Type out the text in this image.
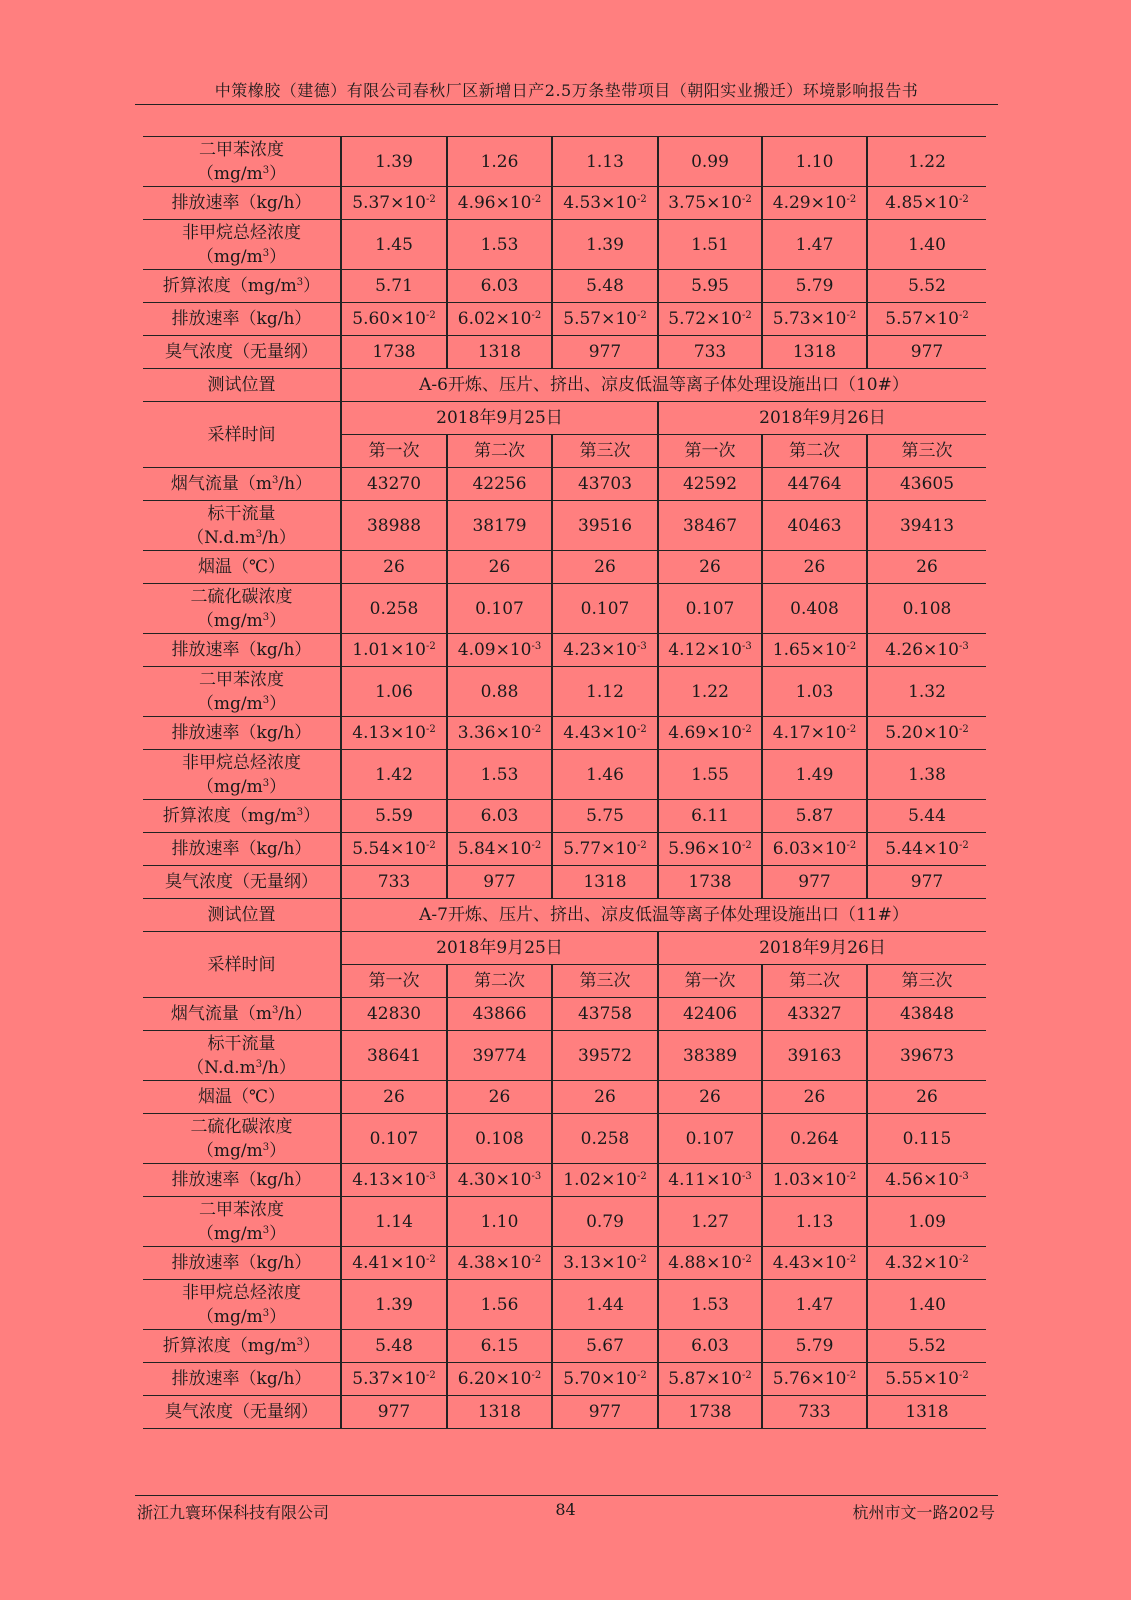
中策橡胶（建德）有限公司春秋厂区新增日产2.5万条垫带项目（朝阳实业搬迁）环境影响报告书
二甲苯浓度
$(mg/m^3)$	1.39	1.26	1.13	0.99	1.10	1.22
排放速率（kg/h）	$5.37\times 10^{-2}$	$4.96\times 10^{-2}$	$4.53\times 10^{-2}$	$3.75\times 10^{-2}$	$4.29\times 10^{-2}$	$4.85\times 10^{-2}$
非甲烷总烃浓度
$(mg/m^3)$	1.45	1.53	1.39	1.51	1.47	1.40
折算浓度$(mg/m^3)$	5.71	6.03	5.48	5.95	5.79	5.52
排放速率（kg/h）	$5.60\times 10^{-2}$	$6.02\times 10^{-2}$	$5.57\times 10^{-2}$	$5.72\times 10^{-2}$	$5.73\times 10^{-2}$	$5.57\times 10^{-2}$
臭气浓度（无量纲）	1738	1318	977	733	1318	977
测试位置	A-6开炼、压片、挤出、凉皮低温等离子体处理设施出口（10#）					
采样时间	2018年9月25日			2018年9月26日		
	第一次	第二次	第三次	第一次	第二次	第三次
烟气流量$(m^3/h)$	43270	42256	43703	42592	44764	43605
标干流量
$(N.d.m^3/h)$	38988	38179	39516	38467	40463	39413
烟温（℃）	26	26	26	26	26	26
二硫化碳浓度
$(mg/m^3)$	0.258	0.107	0.107	0.107	0.408	0.108
排放速率（kg/h）	$1.01\times 10^{-2}$	$4.09\times 10^{-3}$	$4.23\times 10^{-3}$	$4.12\times 10^{-3}$	$1.65\times 10^{-2}$	$4.26\times 10^{-3}$
二甲苯浓度
$(mg/m^3)$	1.06	0.88	1.12	1.22	1.03	1.32
排放速率（kg/h）	$4.13\times 10^{-2}$	$3.36\times 10^{-2}$	$4.43\times 10^{-2}$	$4.69\times 10^{-2}$	$4.17\times 10^{-2}$	$5.20\times 10^{-2}$
非甲烷总烃浓度
$(mg/m^3)$	1.42	1.53	1.46	1.55	1.49	1.38
折算浓度$(mg/m^3)$	5.59	6.03	5.75	6.11	5.87	5.44
排放速率（kg/h）	$5.54\times 10^{-2}$	$5.84\times 10^{-2}$	$5.77\times 10^{-2}$	$5.96\times 10^{-2}$	$6.03\times 10^{-2}$	$5.44\times 10^{-2}$
臭气浓度（无量纲）	733	977	1318	1738	977	977
测试位置	A-7开炼、压片、挤出、凉皮低温等离子体处理设施出口（11#）					
采样时间	2018年9月25日			2018年9月26日		
	第一次	第二次	第三次	第一次	第二次	第三次
烟气流量$(m^3/h)$	42830	43866	43758	42406	43327	43848
标干流量
$(N.d.m^3/h)$	38641	39774	39572	38389	39163	39673
烟温（℃）	26	26	26	26	26	26
二硫化碳浓度
$(mg/m^3)$	0.107	0.108	0.258	0.107	0.264	0.115
排放速率（kg/h）	$4.13\times 10^{-3}$	$4.30\times 10^{-3}$	$1.02\times 10^{-2}$	$4.11\times 10^{-3}$	$1.03\times 10^{-2}$	$4.56\times 10^{-3}$
二甲苯浓度
$(mg/m^3)$	1.14	1.10	0.79	1.27	1.13	1.09
排放速率（kg/h）	$4.41\times 10^{-2}$	$4.38\times 10^{-2}$	$3.13\times 10^{-2}$	$4.88\times 10^{-2}$	$4.43\times 10^{-2}$	$4.32\times 10^{-2}$
非甲烷总烃浓度
$(mg/m^3)$	1.39	1.56	1.44	1.53	1.47	1.40
折算浓度$(mg/m^3)$	5.48	6.15	5.67	6.03	5.79	5.52
排放速率（kg/h）	$5.37\times 10^{-2}$	$6.20\times 10^{-2}$	$5.70\times 10^{-2}$	$5.87\times 10^{-2}$	$5.76\times 10^{-2}$	$5.55\times 10^{-2}$
臭气浓度（无量纲）	977	1318	977	1738	733	1318
浙江九寰环保科技有限公司	84	杭州市文一路202号
